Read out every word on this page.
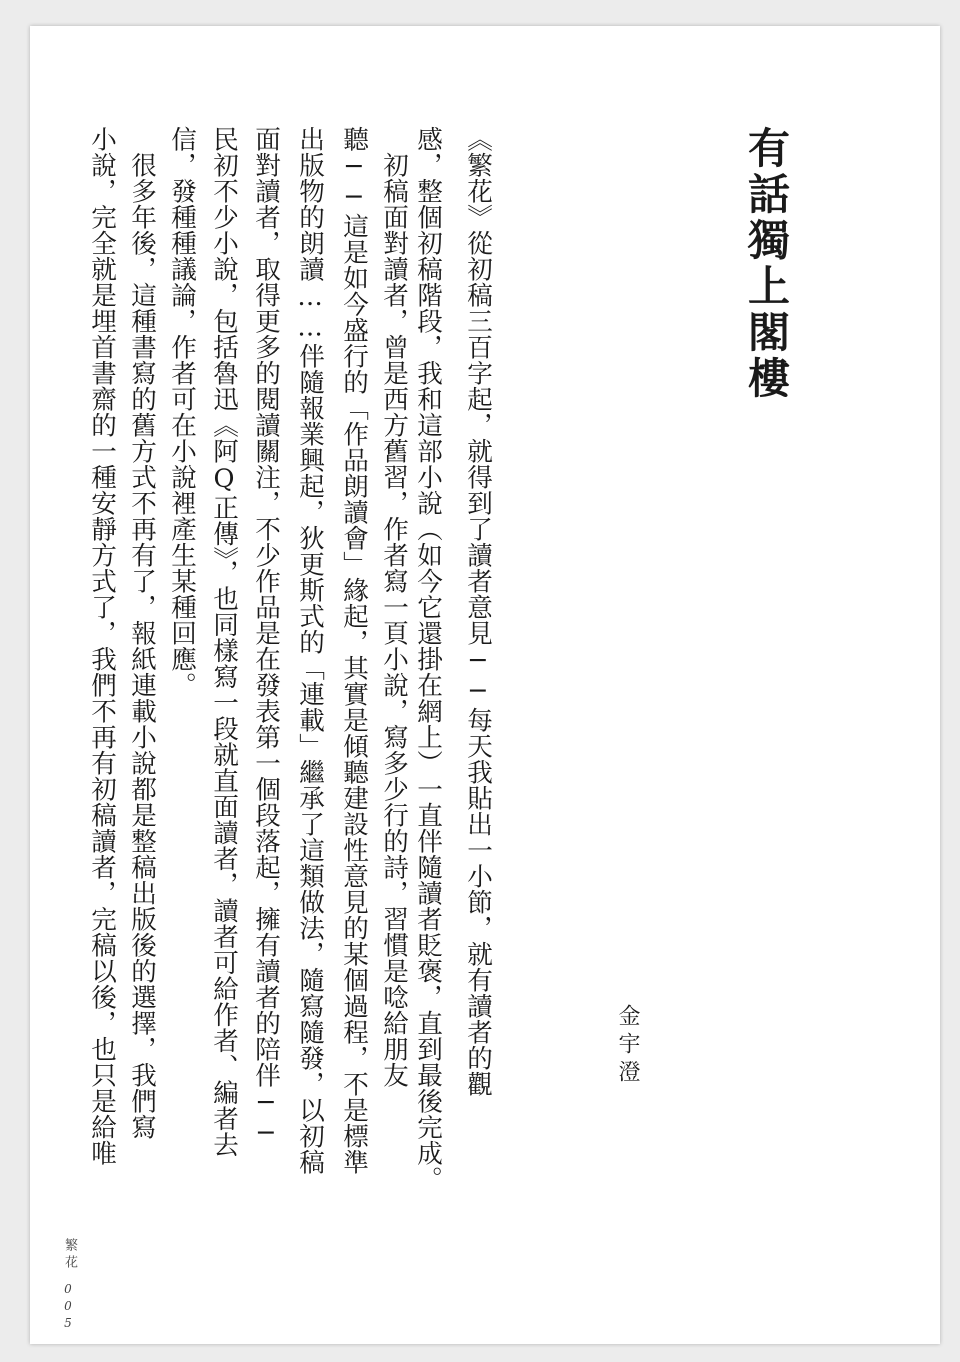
有話獨上閣樓
金宇澄
《繁花》從初稿三百字起，就得到了讀者意見──每天我貼出一小節，就有讀者的觀
感，整個初稿階段，我和這部小說（如今它還掛在網上）一直伴隨讀者貶褒，直到最後完成。
初稿面對讀者，曾是西方舊習，作者寫一頁小說，寫多少行的詩，習慣是唸給朋友
聽──這是如今盛行的「作品朗讀會」緣起，其實是傾聽建設性意見的某個過程，不是標準
出版物的朗讀……伴隨報業興起，狄更斯式的「連載」繼承了這類做法，隨寫隨發，以初稿
面對讀者，取得更多的閱讀關注，不少作品是在發表第一個段落起，擁有讀者的陪伴──
民初不少小說，包括魯迅《阿Q正傳》，也同樣寫一段就直面讀者，讀者可給作者、編者去
信，發種種議論，作者可在小說裡產生某種回應。
很多年後，這種書寫的舊方式不再有了，報紙連載小說都是整稿出版後的選擇，我們寫
小說，完全就是埋首書齋的一種安靜方式了，我們不再有初稿讀者，完稿以後，也只是給唯
繁花
005
